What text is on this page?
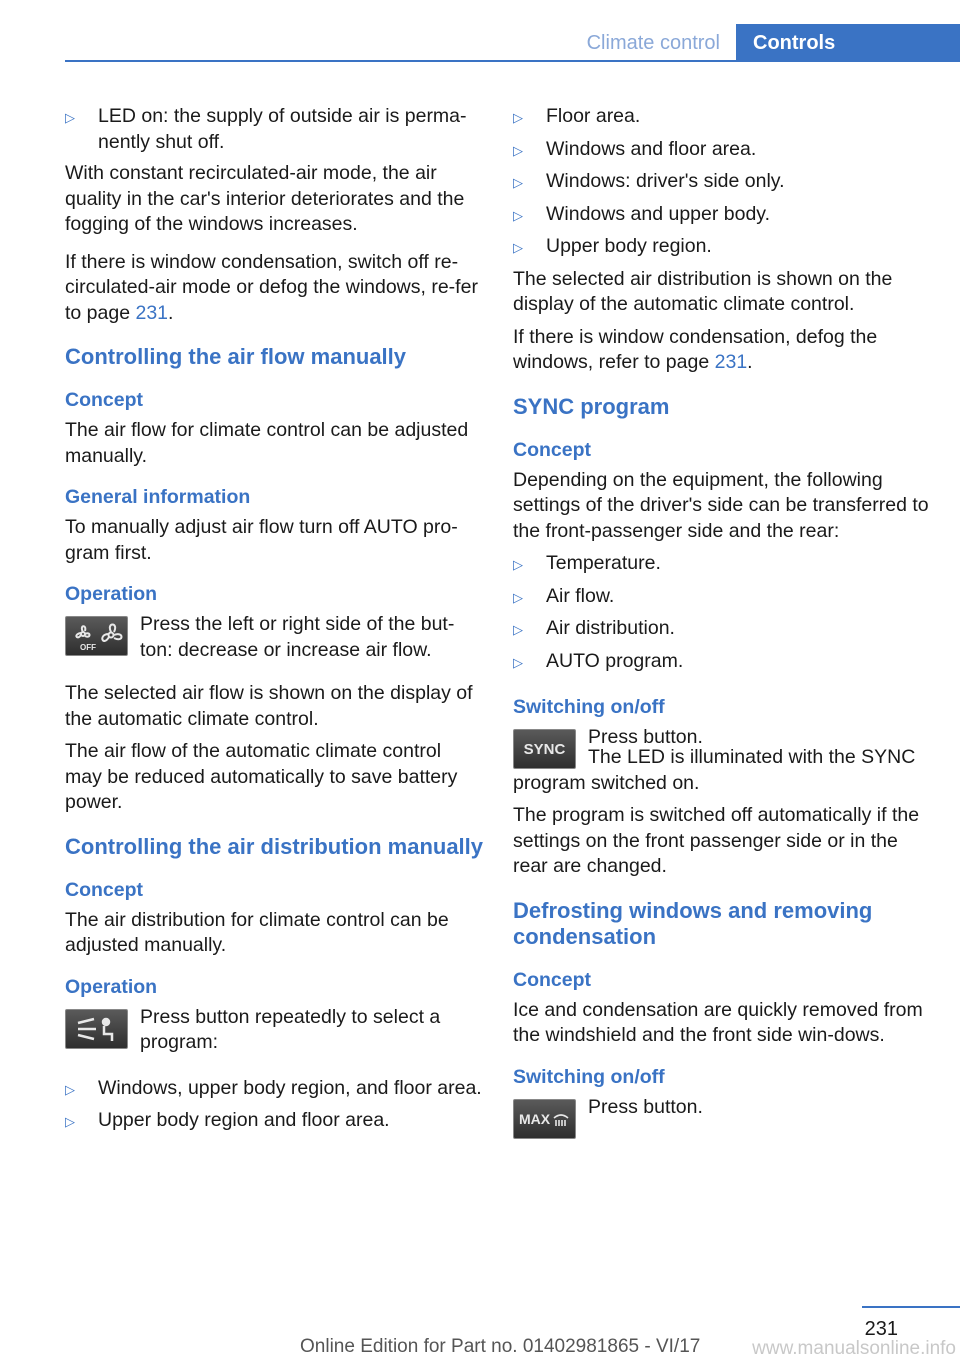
Climate control	Controls
▷	LED on: the supply of outside air is perma‐nently shut off.

With constant recirculated-air mode, the air quality in the car's interior deteriorates and the fogging of the windows increases.

If there is window condensation, switch off re‐circulated-air mode or defog the windows, re‐fer to page 231.

Controlling the air flow manually
Concept

The air flow for climate control can be adjusted manually.

General information

To manually adjust air flow turn off AUTO pro‐gram first.

Operation
OFF

Press the left or right side of the but‐ton: decrease or increase air flow.

The selected air flow is shown on the display of the automatic climate control.

The air flow of the automatic climate control may be reduced automatically to save battery power.

Controlling the air distribution manually
Concept

The air distribution for climate control can be adjusted manually.

Operation

Press button repeatedly to select a program:

▷	Windows, upper body region, and floor area.
▷	Upper body region and floor area.
▷	Floor area.
▷	Windows and floor area.
▷	Windows: driver's side only.
▷	Windows and upper body.
▷	Upper body region.

The selected air distribution is shown on the display of the automatic climate control.

If there is window condensation, defog the windows, refer to page 231.

SYNC program
Concept

Depending on the equipment, the following settings of the driver's side can be transferred to the front-passenger side and the rear:

▷	Temperature.
▷	Air flow.
▷	Air distribution.
▷	AUTO program.
Switching on/off
SYNC

Press button.

The LED is illuminated with the SYNC program switched on.

The program is switched off automatically if the settings on the front passenger side or in the rear are changed.

Defrosting windows and removing condensation
Concept

Ice and condensation are quickly removed from the windshield and the front side win‐dows.

Switching on/off
MAX

Press button.

231
Online Edition for Part no. 01402981865 - VI/17	www.manualsonline.info
